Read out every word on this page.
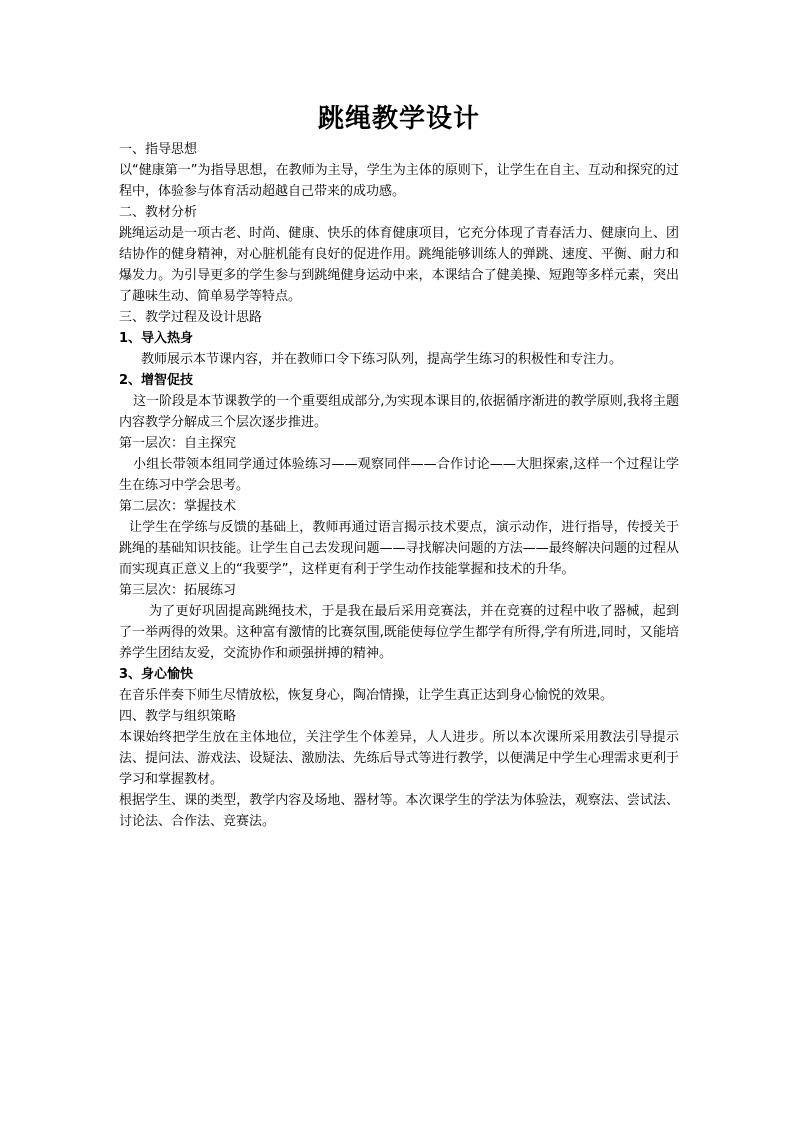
跳绳教学设计

一、指导思想

以“健康第一”为指导思想，在教师为主导，学生为主体的原则下，让学生在自主、互动和探究的过程中，体验参与体育活动超越自己带来的成功感。

二、教材分析

跳绳运动是一项古老、时尚、健康、快乐的体育健康项目，它充分体现了青春活力、健康向上、团结协作的健身精神，对心脏机能有良好的促进作用。跳绳能够训练人的弹跳、速度、平衡、耐力和爆发力。为引导更多的学生参与到跳绳健身运动中来，本课结合了健美操、短跑等多样元素，突出了趣味生动、简单易学等特点。

三、教学过程及设计思路

1、导入热身

教师展示本节课内容，并在教师口令下练习队列，提高学生练习的积极性和专注力。

2、增智促技

这一阶段是本节课教学的一个重要组成部分,为实现本课目的,依据循序渐进的教学原则,我将主题内容教学分解成三个层次逐步推进。

第一层次：自主探究

小组长带领本组同学通过体验练习——观察同伴——合作讨论——大胆探索,这样一个过程让学生在练习中学会思考。

第二层次：掌握技术

让学生在学练与反馈的基础上，教师再通过语言揭示技术要点，演示动作，进行指导，传授关于跳绳的基础知识技能。让学生自己去发现问题——寻找解决问题的方法——最终解决问题的过程从而实现真正意义上的“我要学”，这样更有利于学生动作技能掌握和技术的升华。

第三层次：拓展练习

为了更好巩固提高跳绳技术，于是我在最后采用竞赛法，并在竞赛的过程中收了器械，起到了一举两得的效果。这种富有激情的比赛氛围,既能使每位学生都学有所得,学有所进,同时，又能培养学生团结友爱，交流协作和顽强拼搏的精神。

3、身心愉快

在音乐伴奏下师生尽情放松，恢复身心，陶冶情操，让学生真正达到身心愉悦的效果。

四、教学与组织策略

本课始终把学生放在主体地位，关注学生个体差异，人人进步。所以本次课所采用教法引导提示法、提问法、游戏法、设疑法、激励法、先练后导式等进行教学，以便满足中学生心理需求更利于学习和掌握教材。

根据学生、课的类型，教学内容及场地、器材等。本次课学生的学法为体验法，观察法、尝试法、讨论法、合作法、竞赛法。
